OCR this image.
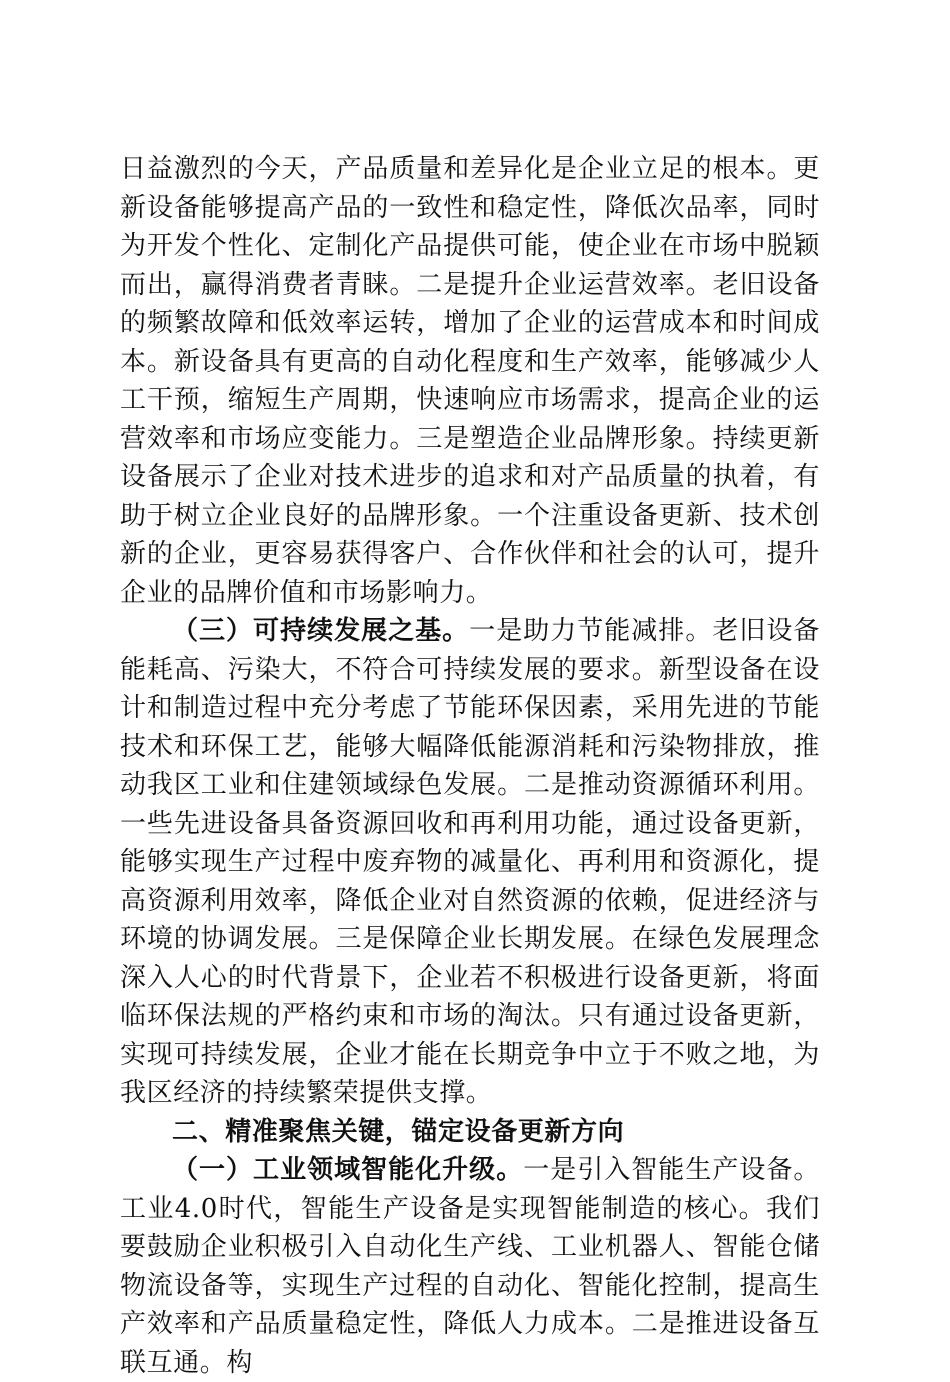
日益激烈的今天，产品质量和差异化是企业立足的根本。更新设备能够提高产品的一致性和稳定性，降低次品率，同时为开发个性化、定制化产品提供可能，使企业在市场中脱颖而出，赢得消费者青睐。二是提升企业运营效率。老旧设备的频繁故障和低效率运转，增加了企业的运营成本和时间成本。新设备具有更高的自动化程度和生产效率，能够减少人工干预，缩短生产周期，快速响应市场需求，提高企业的运营效率和市场应变能力。三是塑造企业品牌形象。持续更新设备展示了企业对技术进步的追求和对产品质量的执着，有助于树立企业良好的品牌形象。一个注重设备更新、技术创新的企业，更容易获得客户、合作伙伴和社会的认可，提升企业的品牌价值和市场影响力。

（三）可持续发展之基。一是助力节能减排。老旧设备能耗高、污染大，不符合可持续发展的要求。新型设备在设计和制造过程中充分考虑了节能环保因素，采用先进的节能技术和环保工艺，能够大幅降低能源消耗和污染物排放，推动我区工业和住建领域绿色发展。二是推动资源循环利用。一些先进设备具备资源回收和再利用功能，通过设备更新，能够实现生产过程中废弃物的减量化、再利用和资源化，提高资源利用效率，降低企业对自然资源的依赖，促进经济与环境的协调发展。三是保障企业长期发展。在绿色发展理念深入人心的时代背景下，企业若不积极进行设备更新，将面临环保法规的严格约束和市场的淘汰。只有通过设备更新，实现可持续发展，企业才能在长期竞争中立于不败之地，为我区经济的持续繁荣提供支撑。

二、精准聚焦关键，锚定设备更新方向

（一）工业领域智能化升级。一是引入智能生产设备。工业4.0时代，智能生产设备是实现智能制造的核心。我们要鼓励企业积极引入自动化生产线、工业机器人、智能仓储物流设备等，实现生产过程的自动化、智能化控制，提高生产效率和产品质量稳定性，降低人力成本。二是推进设备互联互通。构
